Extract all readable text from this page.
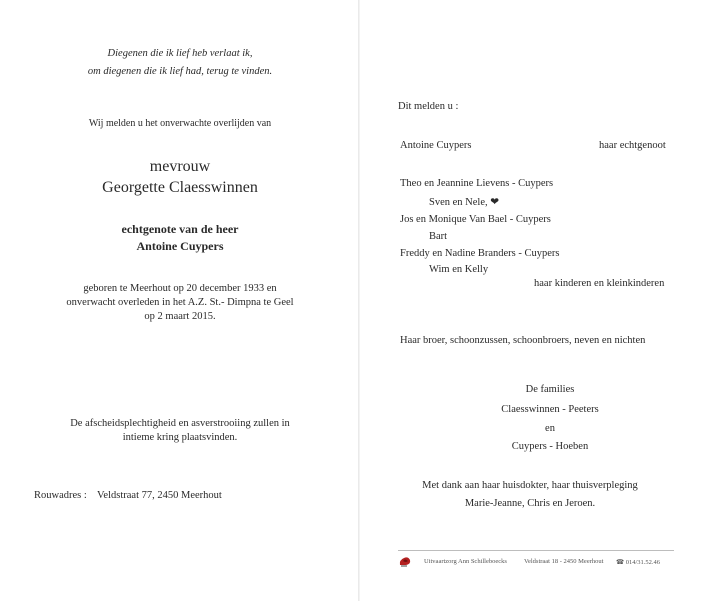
Diegenen die ik lief heb verlaat ik,
om diegenen die ik lief had, terug te vinden.
Wij melden u het onverwachte overlijden van
mevrouw
Georgette Claesswinnen
echtgenote van de heer
Antoine Cuypers
geboren te Meerhout op 20 december 1933 en
onverwacht overleden in het A.Z. St.- Dimpna te Geel
op 2 maart 2015.
De afscheidsplechtigheid en asverstrooiing zullen in
intieme kring plaatsvinden.
Rouwadres : Veldstraat 77, 2450 Meerhout
Dit melden u :
Antoine Cuypers	haar echtgenoot
Theo en Jeannine Lievens - Cuypers
Sven en Nele, ❤
Jos en Monique Van Bael - Cuypers
Bart
Freddy en Nadine Branders - Cuypers
Wim en Kelly
haar kinderen en kleinkinderen
Haar broer, schoonzussen, schoonbroers, neven en nichten
De families
Claesswinnen - Peeters
en
Cuypers - Hoeben
Met dank aan haar huisdokter, haar thuisverpleging
Marie-Jeanne, Chris en Jeroen.
Uitvaartzorg Ann Schilleboecks	Veldstraat 18 - 2450 Meerhout ☎ 014/31.52.46
